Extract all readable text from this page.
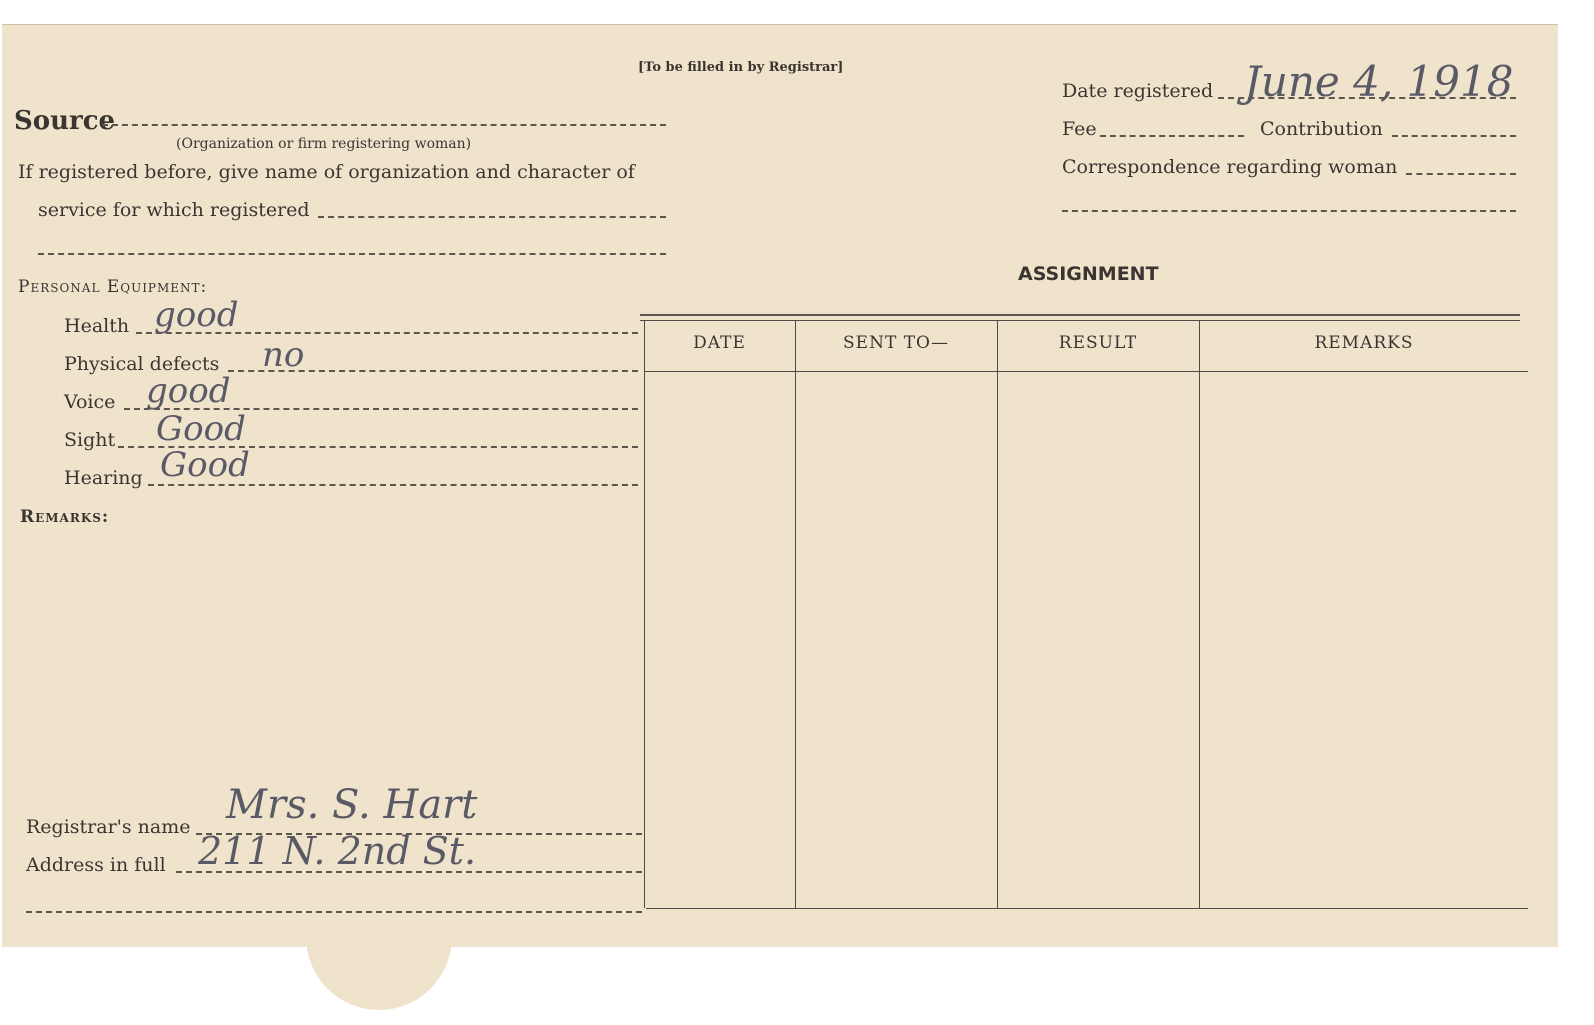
[To be filled in by Registrar]
Source
(Organization or firm registering woman)
If registered before, give name of organization and character of
service for which registered
Personal Equipment:
Health good
Physical defects no
Voice good
Sight Good
Hearing Good
Remarks:
Registrar's name Mrs. S. Hart
Address in full 211 N. 2nd St.
Date registered June 4, 1918
Fee	Contribution
Correspondence regarding woman
ASSIGNMENT
DATE	SENT TO—	RESULT	REMARKS
